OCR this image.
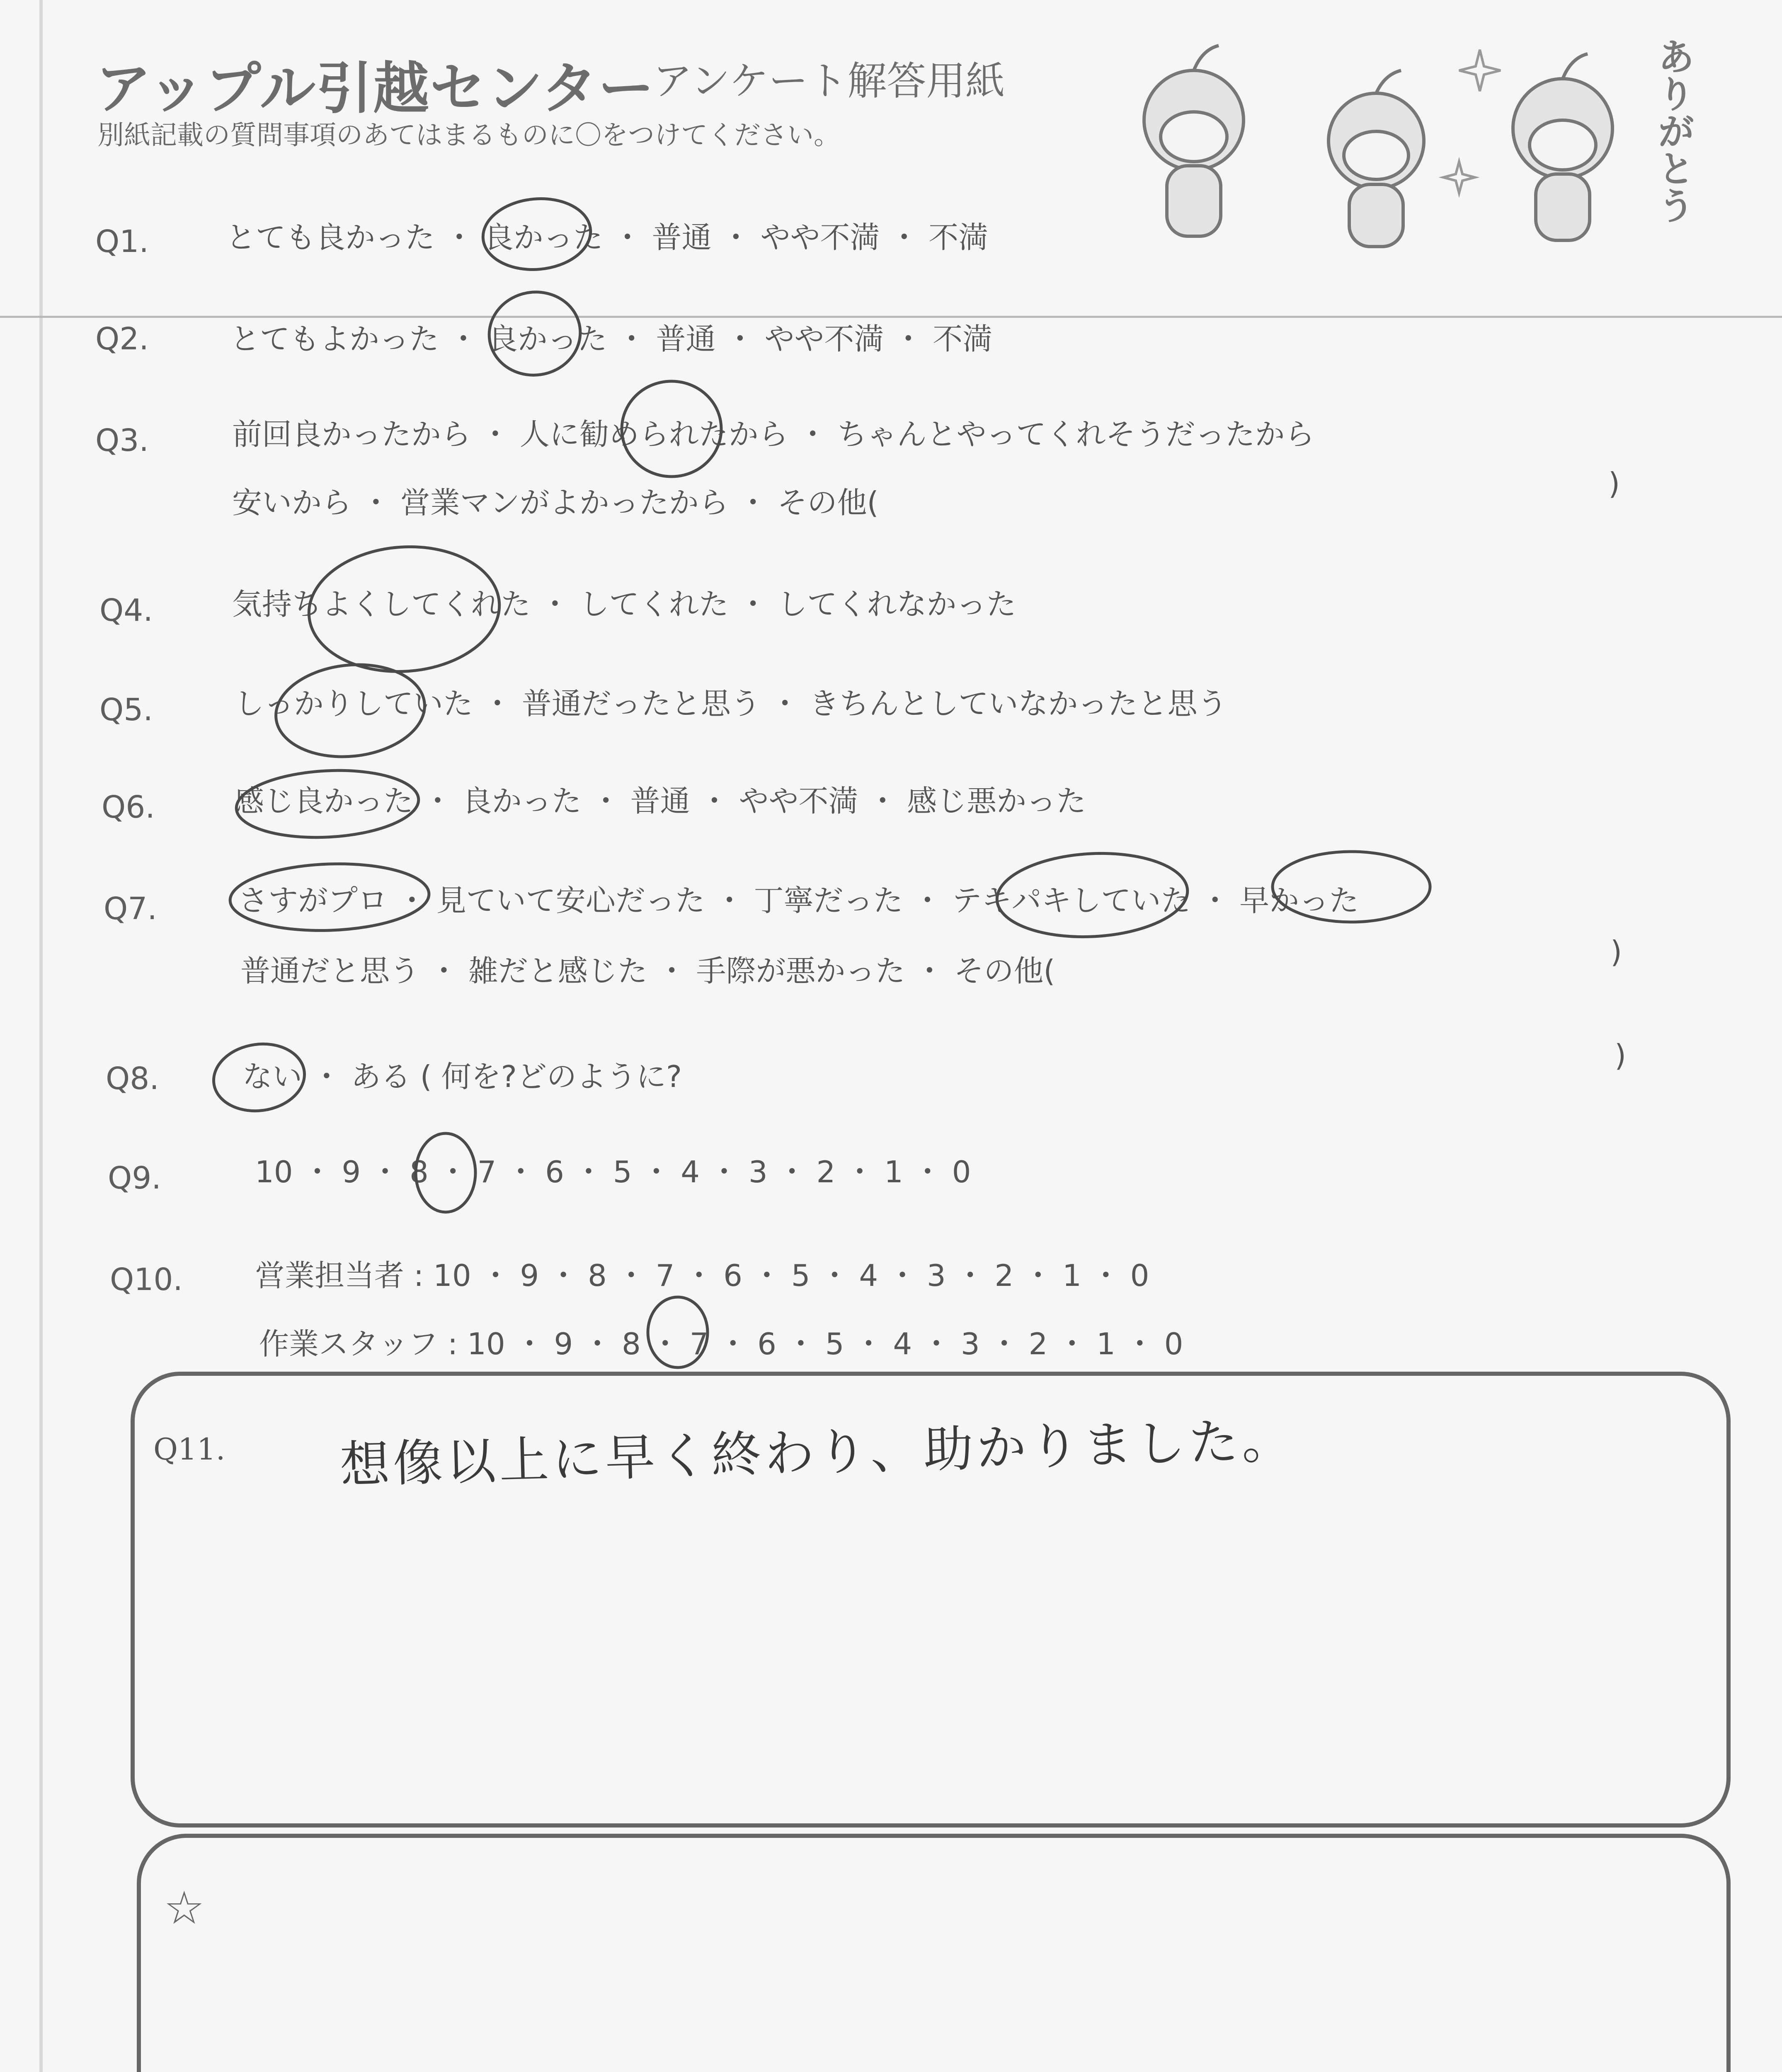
アップル引越センター
アンケート解答用紙
別紙記載の質問事項のあてはまるものに〇をつけてください。	ありがとう
Q1.	とても良かった ・ 良かった ・ 普通 ・ やや不満 ・ 不満
Q2.	とてもよかった ・ 良かった ・ 普通 ・ やや不満 ・ 不満
Q3.	前回良かったから ・ 人に勧められたから ・ ちゃんとやってくれそうだったから
安いから ・ 営業マンがよかったから ・ その他(
)
Q4.	気持ちよくしてくれた ・ してくれた ・ してくれなかった
Q5.	しっかりしていた ・ 普通だったと思う ・ きちんとしていなかったと思う
Q6.	感じ良かった ・ 良かった ・ 普通 ・ やや不満 ・ 感じ悪かった
Q7.	さすがプロ ・ 見ていて安心だった ・ 丁寧だった ・ テキパキしていた ・ 早かった
普通だと思う ・ 雑だと感じた ・ 手際が悪かった ・ その他(
)
Q8.	ない ・ ある ( 何を?どのように?
)
Q9.	10 ・ 9 ・ 8 ・ 7 ・ 6 ・ 5 ・ 4 ・ 3 ・ 2 ・ 1 ・ 0
Q10. 営業担当者 : 10 ・ 9 ・ 8 ・ 7 ・ 6 ・ 5 ・ 4 ・ 3 ・ 2 ・ 1 ・ 0
作業スタッフ : 10 ・ 9 ・ 8 ・ 7 ・ 6 ・ 5 ・ 4 ・ 3 ・ 2 ・ 1 ・ 0
Q11. 想像以上に早く終わり、助かりました。
☆
